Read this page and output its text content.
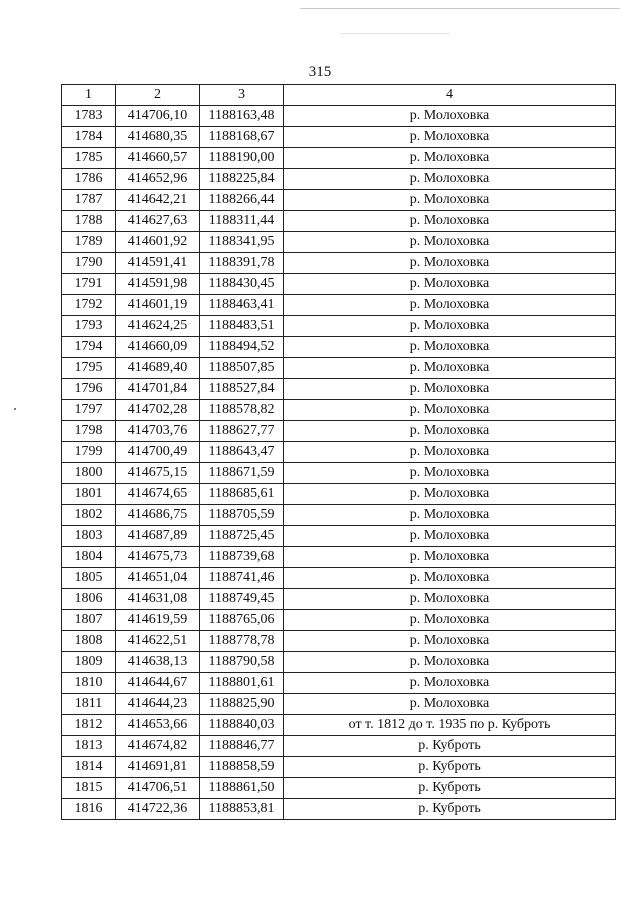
315
1	2	3	4
1783	414706,10	1188163,48	р. Молоховка
1784	414680,35	1188168,67	р. Молоховка
1785	414660,57	1188190,00	р. Молоховка
1786	414652,96	1188225,84	р. Молоховка
1787	414642,21	1188266,44	р. Молоховка
1788	414627,63	1188311,44	р. Молоховка
1789	414601,92	1188341,95	р. Молоховка
1790	414591,41	1188391,78	р. Молоховка
1791	414591,98	1188430,45	р. Молоховка
1792	414601,19	1188463,41	р. Молоховка
1793	414624,25	1188483,51	р. Молоховка
1794	414660,09	1188494,52	р. Молоховка
1795	414689,40	1188507,85	р. Молоховка
1796	414701,84	1188527,84	р. Молоховка
1797	414702,28	1188578,82	р. Молоховка
1798	414703,76	1188627,77	р. Молоховка
1799	414700,49	1188643,47	р. Молоховка
1800	414675,15	1188671,59	р. Молоховка
1801	414674,65	1188685,61	р. Молоховка
1802	414686,75	1188705,59	р. Молоховка
1803	414687,89	1188725,45	р. Молоховка
1804	414675,73	1188739,68	р. Молоховка
1805	414651,04	1188741,46	р. Молоховка
1806	414631,08	1188749,45	р. Молоховка
1807	414619,59	1188765,06	р. Молоховка
1808	414622,51	1188778,78	р. Молоховка
1809	414638,13	1188790,58	р. Молоховка
1810	414644,67	1188801,61	р. Молоховка
1811	414644,23	1188825,90	р. Молоховка
1812	414653,66	1188840,03	от т. 1812 до т. 1935 по р. Куброть
1813	414674,82	1188846,77	р. Куброть
1814	414691,81	1188858,59	р. Куброть
1815	414706,51	1188861,50	р. Куброть
1816	414722,36	1188853,81	р. Куброть
